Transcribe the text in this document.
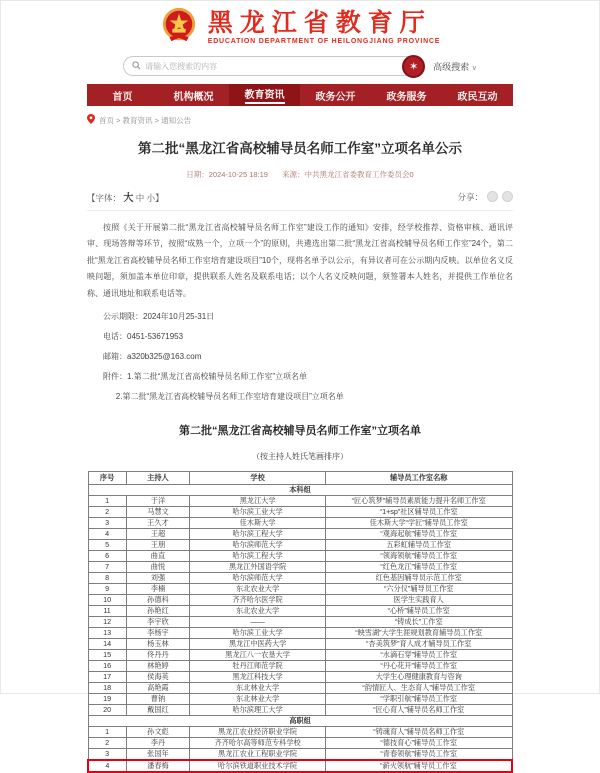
黑龙江省教育厅
EDUCATION DEPARTMENT OF HEILONGJIANG PROVINCE
请输入您搜索的内容
✶	高级搜索 ∨
首页	机构概况	教育资讯	政务公开	政务服务	政民互动
首页 > 教育资讯 > 通知公告
第二批“黑龙江省高校辅导员名师工作室”立项名单公示
日期：2024-10-25 18:19 来源：中共黑龙江省委教育工作委员会0
【字体： 大 中 小】	分享：

按照《关于开展第二批“黑龙江省高校辅导员名师工作室”建设工作的通知》安排，经学校推荐、资格审核、通讯评审、现场答辩等环节，按照“成熟一个，立项一个”的原则，共遴选出第二批“黑龙江省高校辅导员名师工作室”24个，第二批“黑龙江省高校辅导员名师工作室培育建设项目”10个，现将名单予以公示，有异议者可在公示期内反映。以单位名义反映问题，须加盖本单位印章，提供联系人姓名及联系电话；以个人名义反映问题，须签署本人姓名，并提供工作单位名称、通讯地址和联系电话等。

公示期限：2024年10月25-31日

电话：0451-53671953

邮箱：a320b325@163.com

附件：1.第二批“黑龙江省高校辅导员名师工作室”立项名单

2.第二批“黑龙江省高校辅导员名师工作室培育建设项目”立项名单

第二批“黑龙江省高校辅导员名师工作室”立项名单
（按主持人姓氏笔画排序）
序号	主持人	学校	辅导员工作室名称
本科组			
1	于洋	黑龙江大学	“匠心筑梦”辅导员素质能力提升名师工作室
2	马慧文	哈尔滨工业大学	“1+sp”社区辅导员工作室
3	王久才	佳木斯大学	佳木斯大学“学匠”辅导员工作室
4	王超	哈尔滨工程大学	“观海起航”辅导员工作室
5	王朋	哈尔滨师范大学	五彩虹辅导员工作室
6	曲直	哈尔滨工程大学	“领海领航”辅导员工作室
7	曲悦	黑龙江外国语学院	“红色龙江”辅导员工作室
8	刘强	哈尔滨师范大学	红色基因辅导员示范工作室
9	李楠	东北农业大学	“六分仪”辅导员工作室
10	孙德科	齐齐哈尔医学院	医学生实践育人
11	孙艳红	东北农业大学	“心桥”辅导员工作室
12	李宇欣	——	“铸成长”工作室
13	李杨宇	哈尔滨工业大学	“映雪湖”大学生涯规划教育辅导员工作室
14	杨玉林	黑龙江中医药大学	“杏美筑梦”育人成才辅导员工作室
15	佟丹丹	黑龙江八一农垦大学	“水滴石穿”辅导员工作室
16	林艳婷	牡丹江师范学院	“丹心花开”辅导员工作室
17	侯海英	黑龙江科技大学	大学生心理健康教育与咨询
18	高艳霞	东北林业大学	“韵情匠人、生态育人”辅导员工作室
19	曹钠	东北林业大学	“学职引航”辅导员工作室
20	戴国红	哈尔滨理工大学	“匠心育人”辅导员名师工作室
高职组			
1	孙文彪	黑龙江农业经济职业学院	“铸魂育人”辅导员名师工作室
2	李丹	齐齐哈尔高等师范专科学校	“德技育心”辅导员工作室
3	张国年	黑龙江农业工程职业学院	“青春领航”辅导员工作室
4	潘春梅	哈尔滨铁道职业技术学院	“薪火领航”辅导员工作室
